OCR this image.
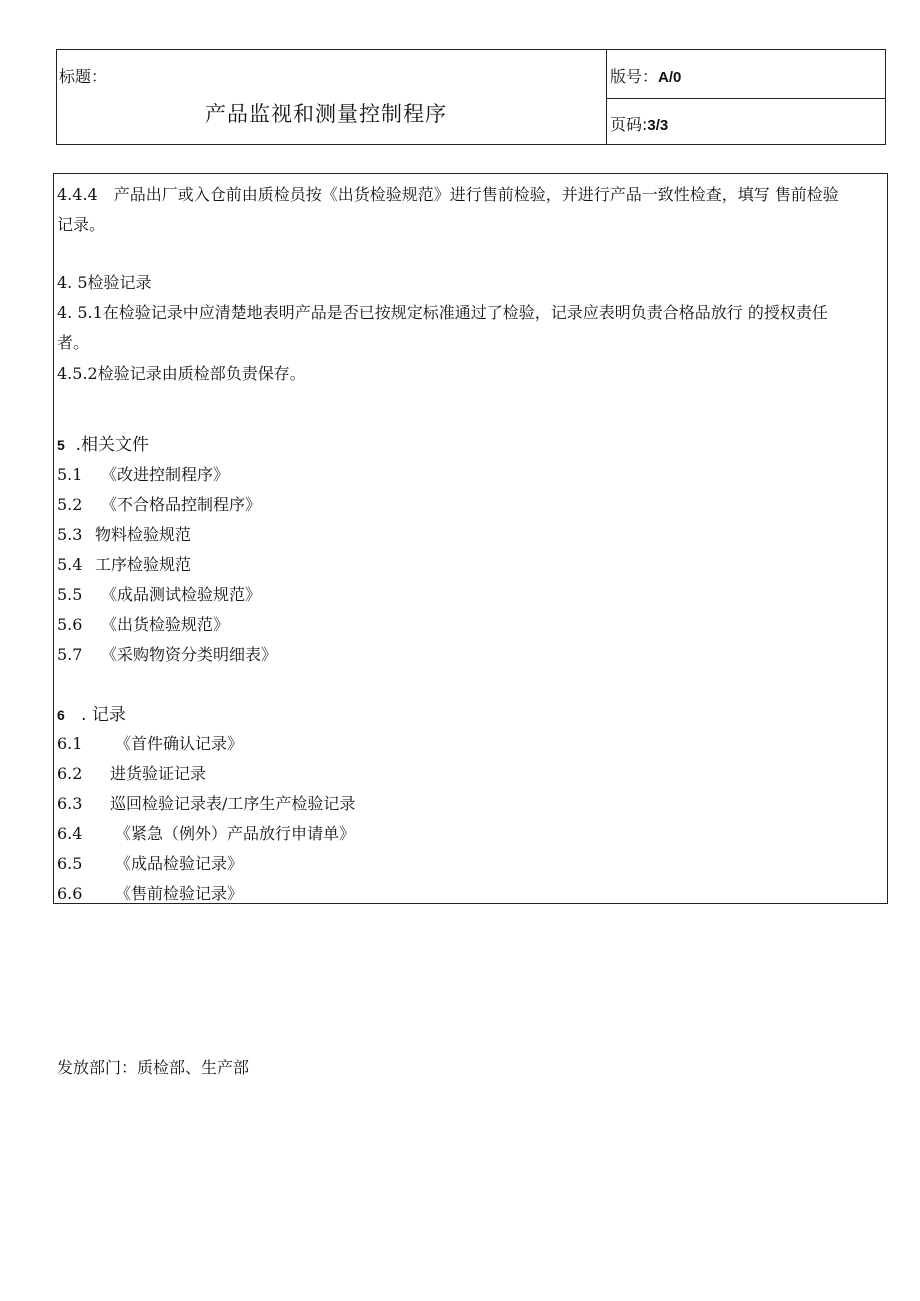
标题：
产品监视和测量控制程序
版号：A/0
页码:3/3
4.4.4　产品出厂或入仓前由质检员按《出货检验规范》进行售前检验，并进行产品一致性检查，填写 售前检验
记录。
4. 5检验记录
4. 5.1在检验记录中应清楚地表明产品是否已按规定标准通过了检验，记录应表明负责合格品放行 的授权责任
者。
4.5.2检验记录由质检部负责保存。
5 .相关文件
5.1 《改进控制程序》
5.2 《不合格品控制程序》
5.3 物料检验规范
5.4 工序检验规范
5.5 《成品测试检验规范》
5.6 《出货检验规范》
5.7 《采购物资分类明细表》
6 . 记录
6.1 《首件确认记录》
6.2 进货验证记录
6.3 巡回检验记录表/工序生产检验记录
6.4 《紧急（例外）产品放行申请单》
6.5 《成品检验记录》
6.6 《售前检验记录》
发放部门：质检部、生产部
